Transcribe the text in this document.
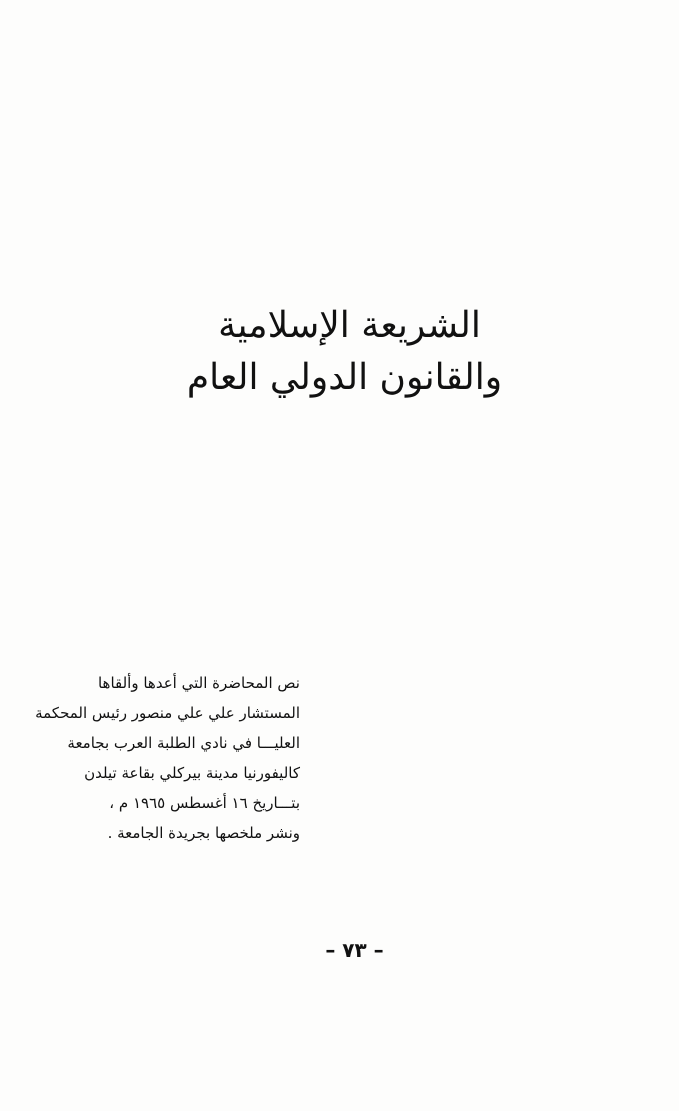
الشريعة الإسلامية
والقانون الدولي العام
نص المحاضرة التي أعدها وألقاها
المستشار علي علي منصور رئيس المحكمة
العليـــا في نادي الطلبة العرب بجامعة
كاليفورنيا مدينة بيركلي بقاعة تيلدن
بتـــاريخ ١٦ أغسطس ١٩٦٥ م ،
ونشر ملخصها بجريدة الجامعة .
– ٧٣ –
